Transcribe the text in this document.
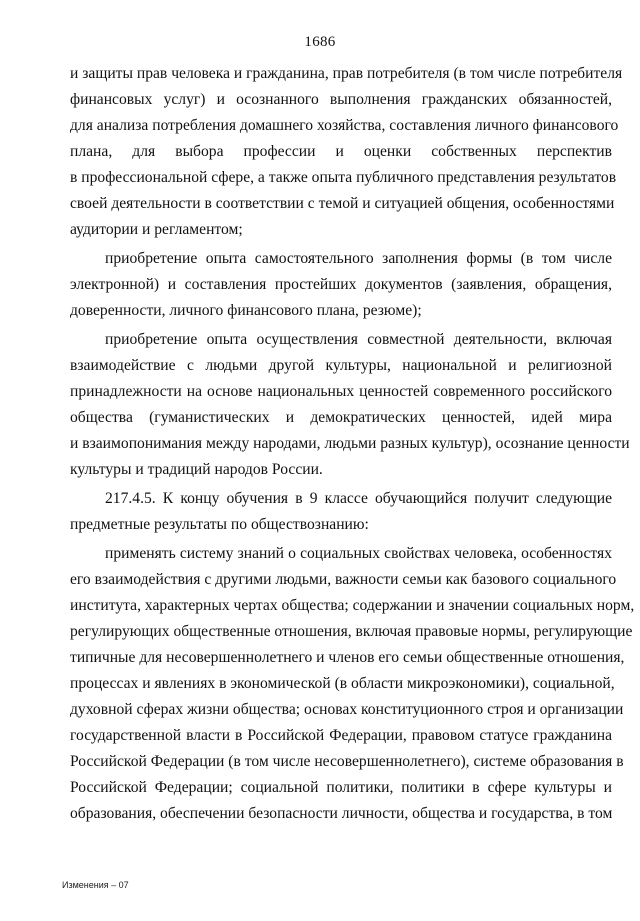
1686
и защиты прав человека и гражданина, прав потребителя (в том числе потребителя
финансовых услуг) и осознанного выполнения гражданских обязанностей,
для анализа потребления домашнего хозяйства, составления личного финансового
плана, для выбора профессии и оценки собственных перспектив
в профессиональной сфере, а также опыта публичного представления результатов
своей деятельности в соответствии с темой и ситуацией общения, особенностями
аудитории и регламентом;
приобретение опыта самостоятельного заполнения формы (в том числе
электронной) и составления простейших документов (заявления, обращения,
доверенности, личного финансового плана, резюме);
приобретение опыта осуществления совместной деятельности, включая
взаимодействие с людьми другой культуры, национальной и религиозной
принадлежности на основе национальных ценностей современного российского
общества (гуманистических и демократических ценностей, идей мира
и взаимопонимания между народами, людьми разных культур), осознание ценности
культуры и традиций народов России.
217.4.5. К концу обучения в 9 классе обучающийся получит следующие
предметные результаты по обществознанию:
применять систему знаний о социальных свойствах человека, особенностях
его взаимодействия с другими людьми, важности семьи как базового социального
института, характерных чертах общества; содержании и значении социальных норм,
регулирующих общественные отношения, включая правовые нормы, регулирующие
типичные для несовершеннолетнего и членов его семьи общественные отношения,
процессах и явлениях в экономической (в области микроэкономики), социальной,
духовной сферах жизни общества; основах конституционного строя и организации
государственной власти в Российской Федерации, правовом статусе гражданина
Российской Федерации (в том числе несовершеннолетнего), системе образования в
Российской Федерации; социальной политики, политики в сфере культуры и
образования, обеспечении безопасности личности, общества и государства, в том
Изменения – 07
